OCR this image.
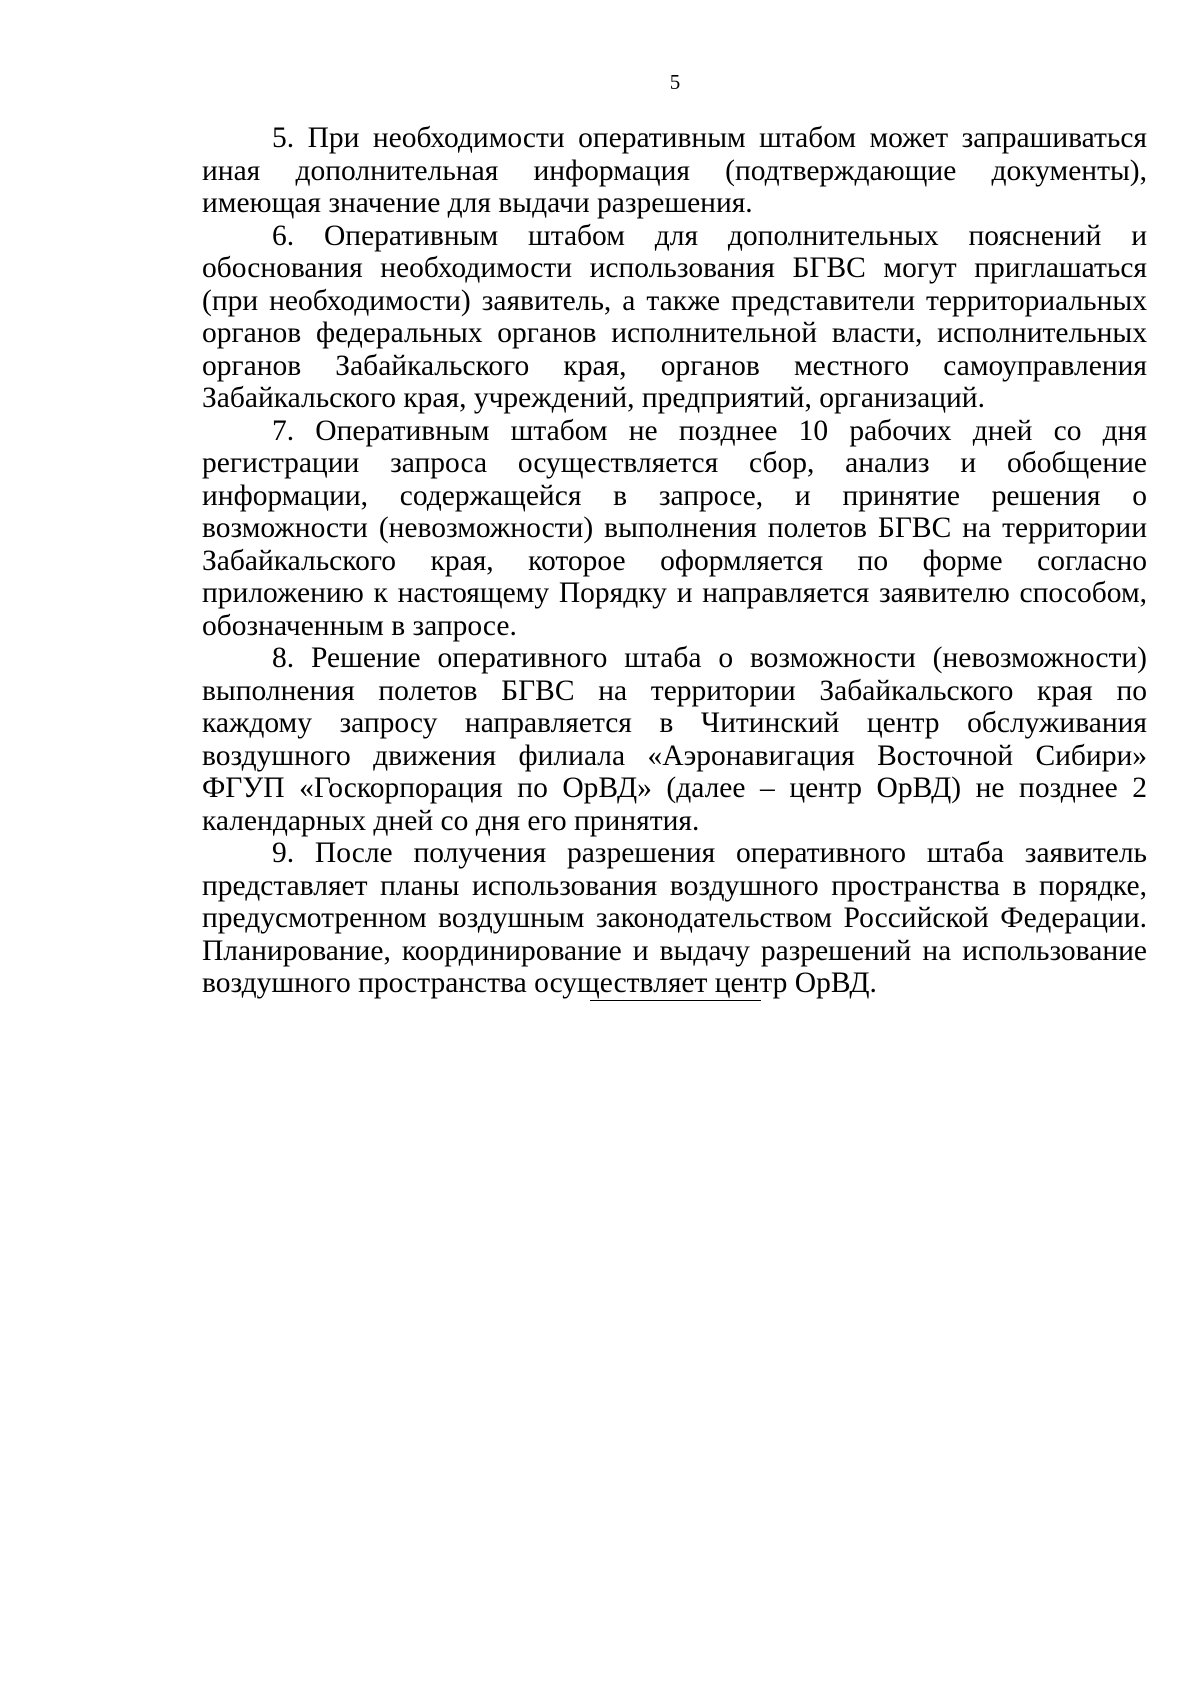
5

5. При необходимости оперативным штабом может запрашиваться иная дополнительная информация (подтверждающие документы), имеющая значение для выдачи разрешения.

6. Оперативным штабом для дополнительных пояснений и обоснования необходимости использования БГВС могут приглашаться (при необходимости) заявитель, а также представители территориальных органов федеральных органов исполнительной власти, исполнительных органов Забайкальского края, органов местного самоуправления Забайкальского края, учреждений, предприятий, организаций.

7. Оперативным штабом не позднее 10 рабочих дней со дня регистрации запроса осуществляется сбор, анализ и обобщение информации, содержащейся в запросе, и принятие решения о возможности (невозможности) выполнения полетов БГВС на территории Забайкальского края, которое оформляется по форме согласно приложению к настоящему Порядку и направляется заявителю способом, обозначенным в запросе.

8. Решение оперативного штаба о возможности (невозможности) выполнения полетов БГВС на территории Забайкальского края по каждому запросу направляется в Читинский центр обслуживания воздушного движения филиала «Аэронавигация Восточной Сибири» ФГУП «Госкорпорация по ОрВД» (далее – центр ОрВД) не позднее 2 календарных дней со дня его принятия.

9. После получения разрешения оперативного штаба заявитель представляет планы использования воздушного пространства в порядке, предусмотренном воздушным законодательством Российской Федерации. Планирование, координирование и выдачу разрешений на использование воздушного пространства осуществляет центр ОрВД.
